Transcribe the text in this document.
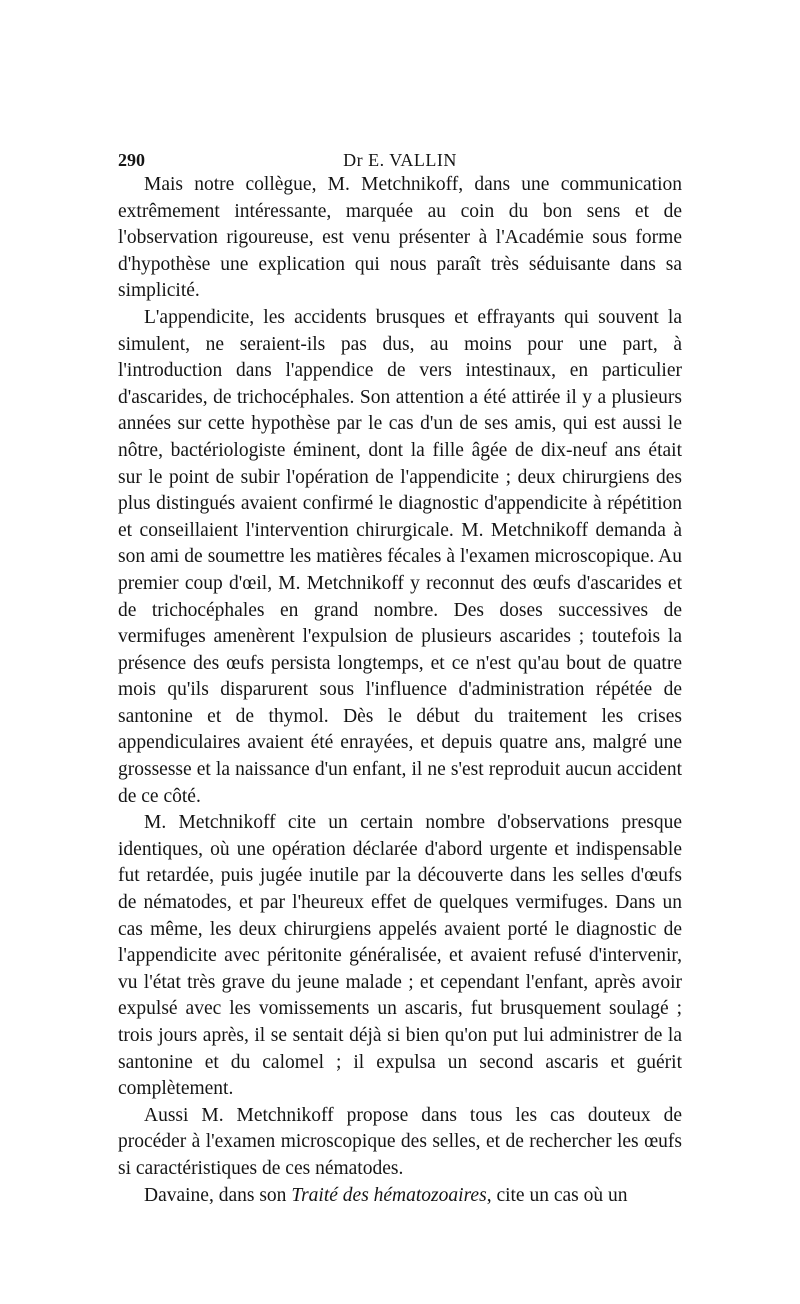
290	Dr E. VALLIN

Mais notre collègue, M. Metchnikoff, dans une communication extrêmement intéressante, marquée au coin du bon sens et de l'observation rigoureuse, est venu présenter à l'Académie sous forme d'hypothèse une explication qui nous paraît très séduisante dans sa simplicité.

L'appendicite, les accidents brusques et effrayants qui souvent la simulent, ne seraient-ils pas dus, au moins pour une part, à l'introduction dans l'appendice de vers intestinaux, en particulier d'ascarides, de trichocéphales. Son attention a été attirée il y a plusieurs années sur cette hypothèse par le cas d'un de ses amis, qui est aussi le nôtre, bactériologiste éminent, dont la fille âgée de dix-neuf ans était sur le point de subir l'opération de l'appendicite ; deux chirurgiens des plus distingués avaient confirmé le diagnostic d'appendicite à répétition et conseillaient l'intervention chirurgicale. M. Metchnikoff demanda à son ami de soumettre les matières fécales à l'examen microscopique. Au premier coup d'œil, M. Metchnikoff y reconnut des œufs d'ascarides et de trichocéphales en grand nombre. Des doses successives de vermifuges amenèrent l'expulsion de plusieurs ascarides ; toutefois la présence des œufs persista longtemps, et ce n'est qu'au bout de quatre mois qu'ils disparurent sous l'influence d'administration répétée de santonine et de thymol. Dès le début du traitement les crises appendiculaires avaient été enrayées, et depuis quatre ans, malgré une grossesse et la naissance d'un enfant, il ne s'est reproduit aucun accident de ce côté.

M. Metchnikoff cite un certain nombre d'observations presque identiques, où une opération déclarée d'abord urgente et indispensable fut retardée, puis jugée inutile par la découverte dans les selles d'œufs de nématodes, et par l'heureux effet de quelques vermifuges. Dans un cas même, les deux chirurgiens appelés avaient porté le diagnostic de l'appendicite avec péritonite généralisée, et avaient refusé d'intervenir, vu l'état très grave du jeune malade ; et cependant l'enfant, après avoir expulsé avec les vomissements un ascaris, fut brusquement soulagé ; trois jours après, il se sentait déjà si bien qu'on put lui administrer de la santonine et du calomel ; il expulsa un second ascaris et guérit complètement.

Aussi M. Metchnikoff propose dans tous les cas douteux de procéder à l'examen microscopique des selles, et de rechercher les œufs si caractéristiques de ces nématodes.

Davaine, dans son Traité des hématozoaires, cite un cas où un
